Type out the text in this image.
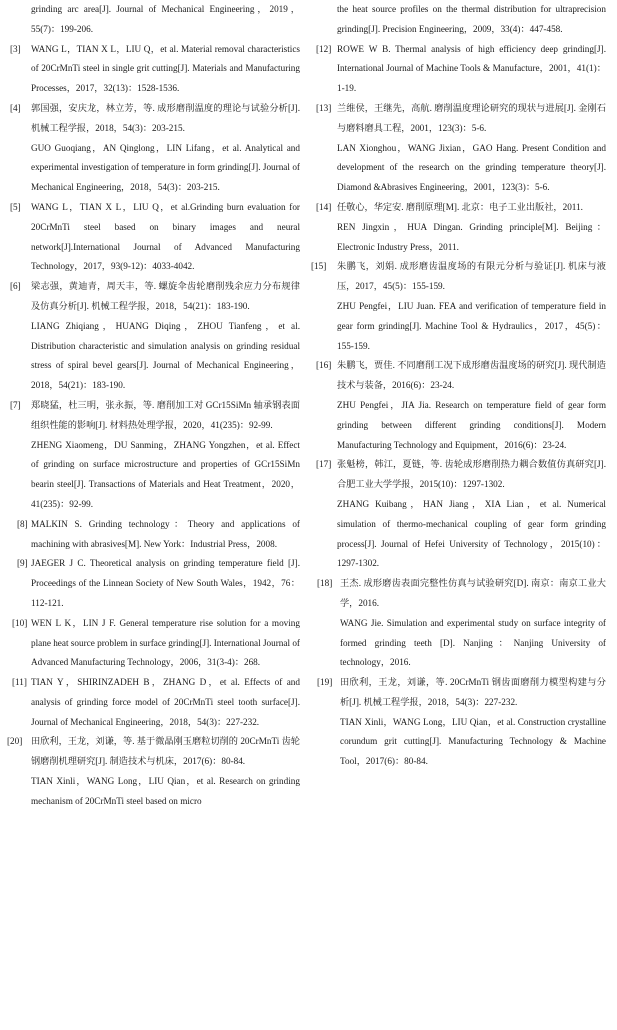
grinding arc area[J]. Journal of Mechanical Engineering，2019，55(7)：199-206.
[3] WANG L，TIAN X L，LIU Q，et al. Material removal characteristics of 20CrMnTi steel in single grit cutting[J]. Materials and Manufacturing Processes，2017，32(13)：1528-1536.
[4] 郭国强，安庆龙，林立芳，等. 成形磨削温度的理论与试验分析[J]. 机械工程学报，2018，54(3)：203-215.
GUO Guoqiang，AN Qinglong，LIN Lifang，et al. Analytical and experimental investigation of temperature in form grinding[J]. Journal of Mechanical Engineering，2018，54(3)：203-215.
[5] WANG L，TIAN X L，LIU Q，et al.Grinding burn evaluation for 20CrMnTi steel based on binary images and neural network[J].International Journal of Advanced Manufacturing Technology，2017，93(9-12)：4033-4042.
[6] 梁志强，黄迪青，周天丰，等. 螺旋伞齿轮磨削残余应力分布规律及仿真分析[J]. 机械工程学报，2018，54(21)：183-190.
LIANG Zhiqiang，HUANG Diqing，ZHOU Tianfeng，et al. Distribution characteristic and simulation analysis on grinding residual stress of spiral bevel gears[J]. Journal of Mechanical Engineering，2018，54(21)：183-190.
[7] 郑晓猛，杜三明，张永振，等. 磨削加工对 GCr15SiMn 轴承钢表面组织性能的影响[J]. 材料热处理学报，2020，41(235)：92-99.
ZHENG Xiaomeng，DU Sanming，ZHANG Yongzhen，et al. Effect of grinding on surface microstructure and properties of GCr15SiMn bearin steel[J]. Transactions of Materials and Heat Treatment，2020，41(235)：92-99.
[8] MALKIN S. Grinding technology：Theory and applications of machining with abrasives[M]. New York：Industrial Press，2008.
[9] JAEGER J C. Theoretical analysis on grinding temperature field [J]. Proceedings of the Linnean Society of New South Wales，1942，76：112-121.
[10] WEN L K，LIN J F. General temperature rise solution for a moving plane heat source problem in surface grinding[J]. International Journal of Advanced Manufacturing Technology，2006，31(3-4)：268.
[11] TIAN Y，SHIRINZADEH B，ZHANG D，et al. Effects of and analysis of grinding force model of 20CrMnTi steel tooth surface[J]. Journal of Mechanical Engineering，2018，54(3)：227-232.
[20] 田欣利，王龙，刘谦，等. 基于微晶刚玉磨粒切削的 20CrMnTi 齿轮钢磨削机理研究[J]. 制造技术与机床，2017(6)：80-84.
TIAN Xinli，WANG Long，LIU Qian，et al. Research on grinding mechanism of 20CrMnTi steel based on micro
the heat source profiles on the thermal distribution for ultraprecision grinding[J]. Precision Engineering，2009，33(4)：447-458.
[12] ROWE W B. Thermal analysis of high efficiency deep grinding[J]. International Journal of Machine Tools & Manufacture，2001，41(1)：1-19.
[13] 兰维侯，王继先，高航. 磨削温度理论研究的现状与进展[J]. 金刚石与磨料磨具工程，2001，123(3)：5-6.
LAN Xionghou，WANG Jixian，GAO Hang. Present Condition and development of the research on the grinding temperature theory[J]. Diamond &Abrasives Engineering，2001，123(3)：5-6.
[14] 任敬心，华定安. 磨削原理[M]. 北京：电子工业出版社，2011.
REN Jingxin，HUA Dingan. Grinding principle[M]. Beijing：Electronic Industry Press，2011.
[15] 朱鹏飞，刘娟. 成形磨齿温度场的有限元分析与验证[J]. 机床与液压，2017，45(5)：155-159.
ZHU Pengfei，LIU Juan. FEA and verification of temperature field in gear form grinding[J]. Machine Tool & Hydraulics，2017，45(5)：155-159.
[16] 朱鹏飞，贾佳. 不同磨削工况下成形磨齿温度场的研究[J]. 现代制造技术与装备，2016(6)：23-24.
ZHU Pengfei，JIA Jia. Research on temperature field of gear form grinding between different grinding conditions[J]. Modern Manufacturing Technology and Equipment，2016(6)：23-24.
[17] 张魁榜，韩江，夏链，等. 齿轮成形磨削热力耦合数值仿真研究[J]. 合肥工业大学学报，2015(10)：1297-1302.
ZHANG Kuibang，HAN Jiang，XIA Lian，et al. Numerical simulation of thermo-mechanical coupling of gear form grinding process[J]. Journal of Hefei University of Technology，2015(10)：1297-1302.
[18] 王杰. 成形磨齿表面完整性仿真与试验研究[D]. 南京：南京工业大学，2016.
WANG Jie. Simulation and experimental study on surface integrity of formed grinding teeth [D]. Nanjing：Nanjing University of technology，2016.
[19] 田欣利，王龙，刘谦，等. 20CrMnTi 钢齿面磨削力模型构建与分析[J]. 机械工程学报，2018，54(3)：227-232.
TIAN Xinli，WANG Long，LIU Qian，et al. Construction crystalline corundum grit cutting[J]. Manufacturing Technology & Machine Tool，2017(6)：80-84.
